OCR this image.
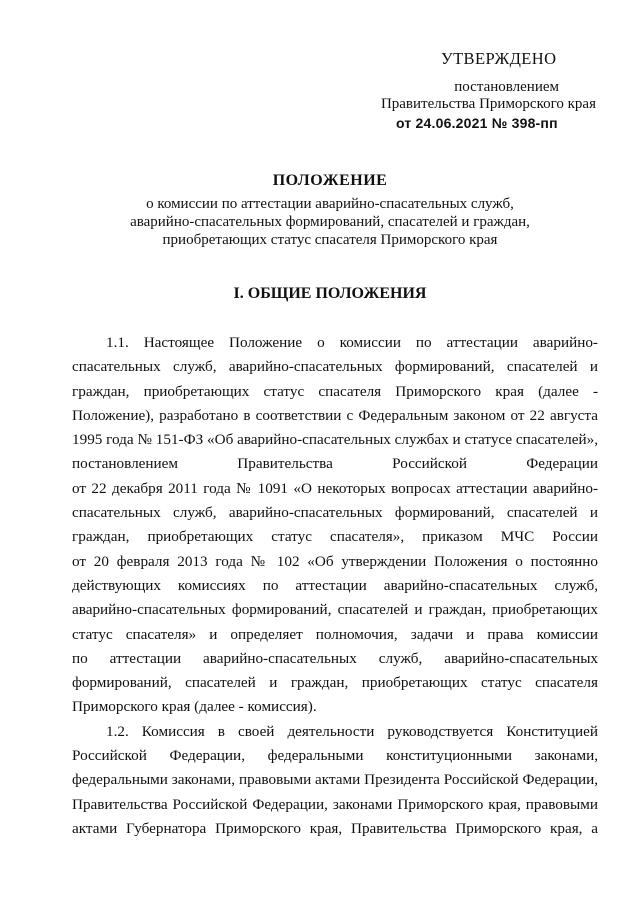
УТВЕРЖДЕНО
постановлением
Правительства Приморского края
от 24.06.2021 № 398-пп
ПОЛОЖЕНИЕ
о комиссии по аттестации аварийно-спасательных служб,
аварийно-спасательных формирований, спасателей и граждан,
приобретающих статус спасателя Приморского края
I. ОБЩИЕ ПОЛОЖЕНИЯ
1.1. Настоящее Положение о комиссии по аттестации аварийно-
спасательных служб, аварийно-спасательных формирований, спасателей и
граждан, приобретающих статус спасателя Приморского края (далее -
Положение), разработано в соответствии с Федеральным законом от 22 августа
1995 года № 151-ФЗ «Об аварийно-спасательных службах и статусе спасателей»,
постановлением Правительства Российской Федерации
от 22 декабря 2011 года № 1091 «О некоторых вопросах аттестации аварийно-
спасательных служб, аварийно-спасательных формирований, спасателей и
граждан, приобретающих статус спасателя», приказом МЧС России
от 20 февраля 2013 года № 102 «Об утверждении Положения о постоянно
действующих комиссиях по аттестации аварийно-спасательных служб,
аварийно-спасательных формирований, спасателей и граждан, приобретающих
статус спасателя» и определяет полномочия, задачи и права комиссии
по аттестации аварийно-спасательных служб, аварийно-спасательных
формирований, спасателей и граждан, приобретающих статус спасателя
Приморского края (далее - комиссия).
1.2. Комиссия в своей деятельности руководствуется Конституцией
Российской Федерации, федеральными конституционными законами,
федеральными законами, правовыми актами Президента Российской Федерации,
Правительства Российской Федерации, законами Приморского края, правовыми
актами Губернатора Приморского края, Правительства Приморского края, а
